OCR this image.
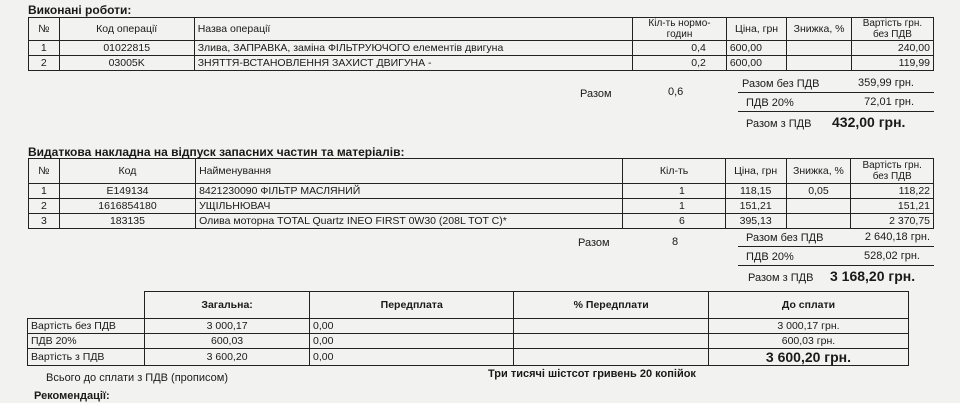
Виконані роботи:
№	Код операції	Назва операції	Кіл-ть нормо-годин	Ціна, грн	Знижка, %	Вартість грн. без ПДВ
1	01022815	Злива, ЗАПРАВКА, заміна ФІЛЬТРУЮЧОГО елементів двигуна	0,4	600,00		240,00
2	03005K	ЗНЯТТЯ-ВСТАНОВЛЕННЯ ЗАХИСТ ДВИГУНА -	0,2	600,00		119,99
Разом	0,6
Разом без ПДВ	359,99 грн.
ПДВ 20%	72,01 грн.
Разом з ПДВ 432,00 грн.
Видаткова накладна на відпуск запасних частин та матеріалів:
№	Код	Найменування	Кіл-ть	Ціна, грн	Знижка, %	Вартість грн. без ПДВ
1	E149134	8421230090 ФІЛЬТР МАСЛЯНИЙ	1	118,15	0,05	118,22
2	1616854180	УЩІЛЬНЮВАЧ	1	151,21		151,21
3	183135	Олива моторна TOTAL Quartz INEO FIRST 0W30 (208L TOT C)*	6	395,13		2 370,75
Разом	8	Разом без ПДВ	2 640,18 грн.
ПДВ 20%	528,02 грн.
Разом з ПДВ 3 168,20 грн.
	Загальна:	Передплата	% Передплати	До сплати
Вартість без ПДВ	3 000,17	0,00		3 000,17 грн.
ПДВ 20%	600,03	0,00		600,03 грн.
Вартість з ПДВ	3 600,20	0,00		3 600,20 грн.
Всього до сплати з ПДВ (прописом)	Три тисячі шістсот гривень 20 копійок
Рекомендації:
